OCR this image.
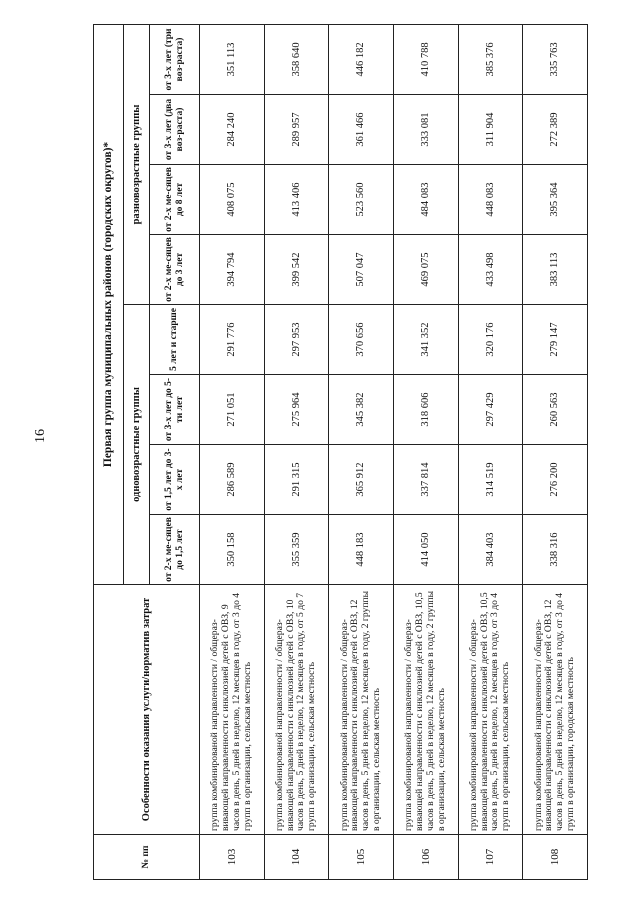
16
№ пп	Особенности оказания услуги/норматив затрат	Первая группа муниципальных районов (городских округов)*							
		одновозрастные группы				разновозрастные группы			
		от 2-х ме-сяцев до 1,5 лет	от 1,5 лет до 3-х лет	от 3-х лет до 5-ти лет	5 лет и старше	от 2-х ме-сяцев до 3 лет	от 2-х ме-сяцев до 8 лет	от 3-х лет (два воз-раста)	от 3-х лет (три воз-раста)
103	группа комбинированой направленности / общераз-вивающей направленности с инклюзией детей с ОВЗ, 9 часов в день, 5 дней в неделю, 12 месяцев в году, от 3 до 4 групп в организации, сельская местность	350 158	286 589	271 051	291 776	394 794	408 075	284 240	351 113
104	группа комбинированой направленности / общераз-вивающей направленности с инклюзией детей с ОВЗ, 10 часов в день, 5 дней в неделю, 12 месяцев в году, от 5 до 7 групп в организации, сельская местность	355 359	291 315	275 964	297 953	399 542	413 406	289 957	358 640
105	группа комбинированой направленности / общераз-вивающей направленности с инклюзией детей с ОВЗ, 12 часов в день, 5 дней в неделю, 12 месяцев в году, 2 группы в организации, сельская местность	448 183	365 912	345 382	370 656	507 047	523 560	361 466	446 182
106	группа комбинированой направленности / общераз-вивающей направленности с инклюзией детей с ОВЗ, 10,5 часов в день, 5 дней в неделю, 12 месяцев в году, 2 группы в организации, сельская местность	414 050	337 814	318 606	341 352	469 075	484 083	333 081	410 788
107	группа комбинированой направленности / общераз-вивающей направленности с инклюзией детей с ОВЗ, 10,5 часов в день, 5 дней в неделю, 12 месяцев в году, от 3 до 4 групп в организации, сельская местность	384 403	314 519	297 429	320 176	433 498	448 083	311 904	385 376
108	группа комбинированой направленности / общераз-вивающей направленности с инклюзией детей с ОВЗ, 12 часов в день, 5 дней в неделю, 12 месяцев в году, от 3 до 4 групп в организации, городская местность	338 316	276 200	260 563	279 147	383 113	395 364	272 389	335 763
